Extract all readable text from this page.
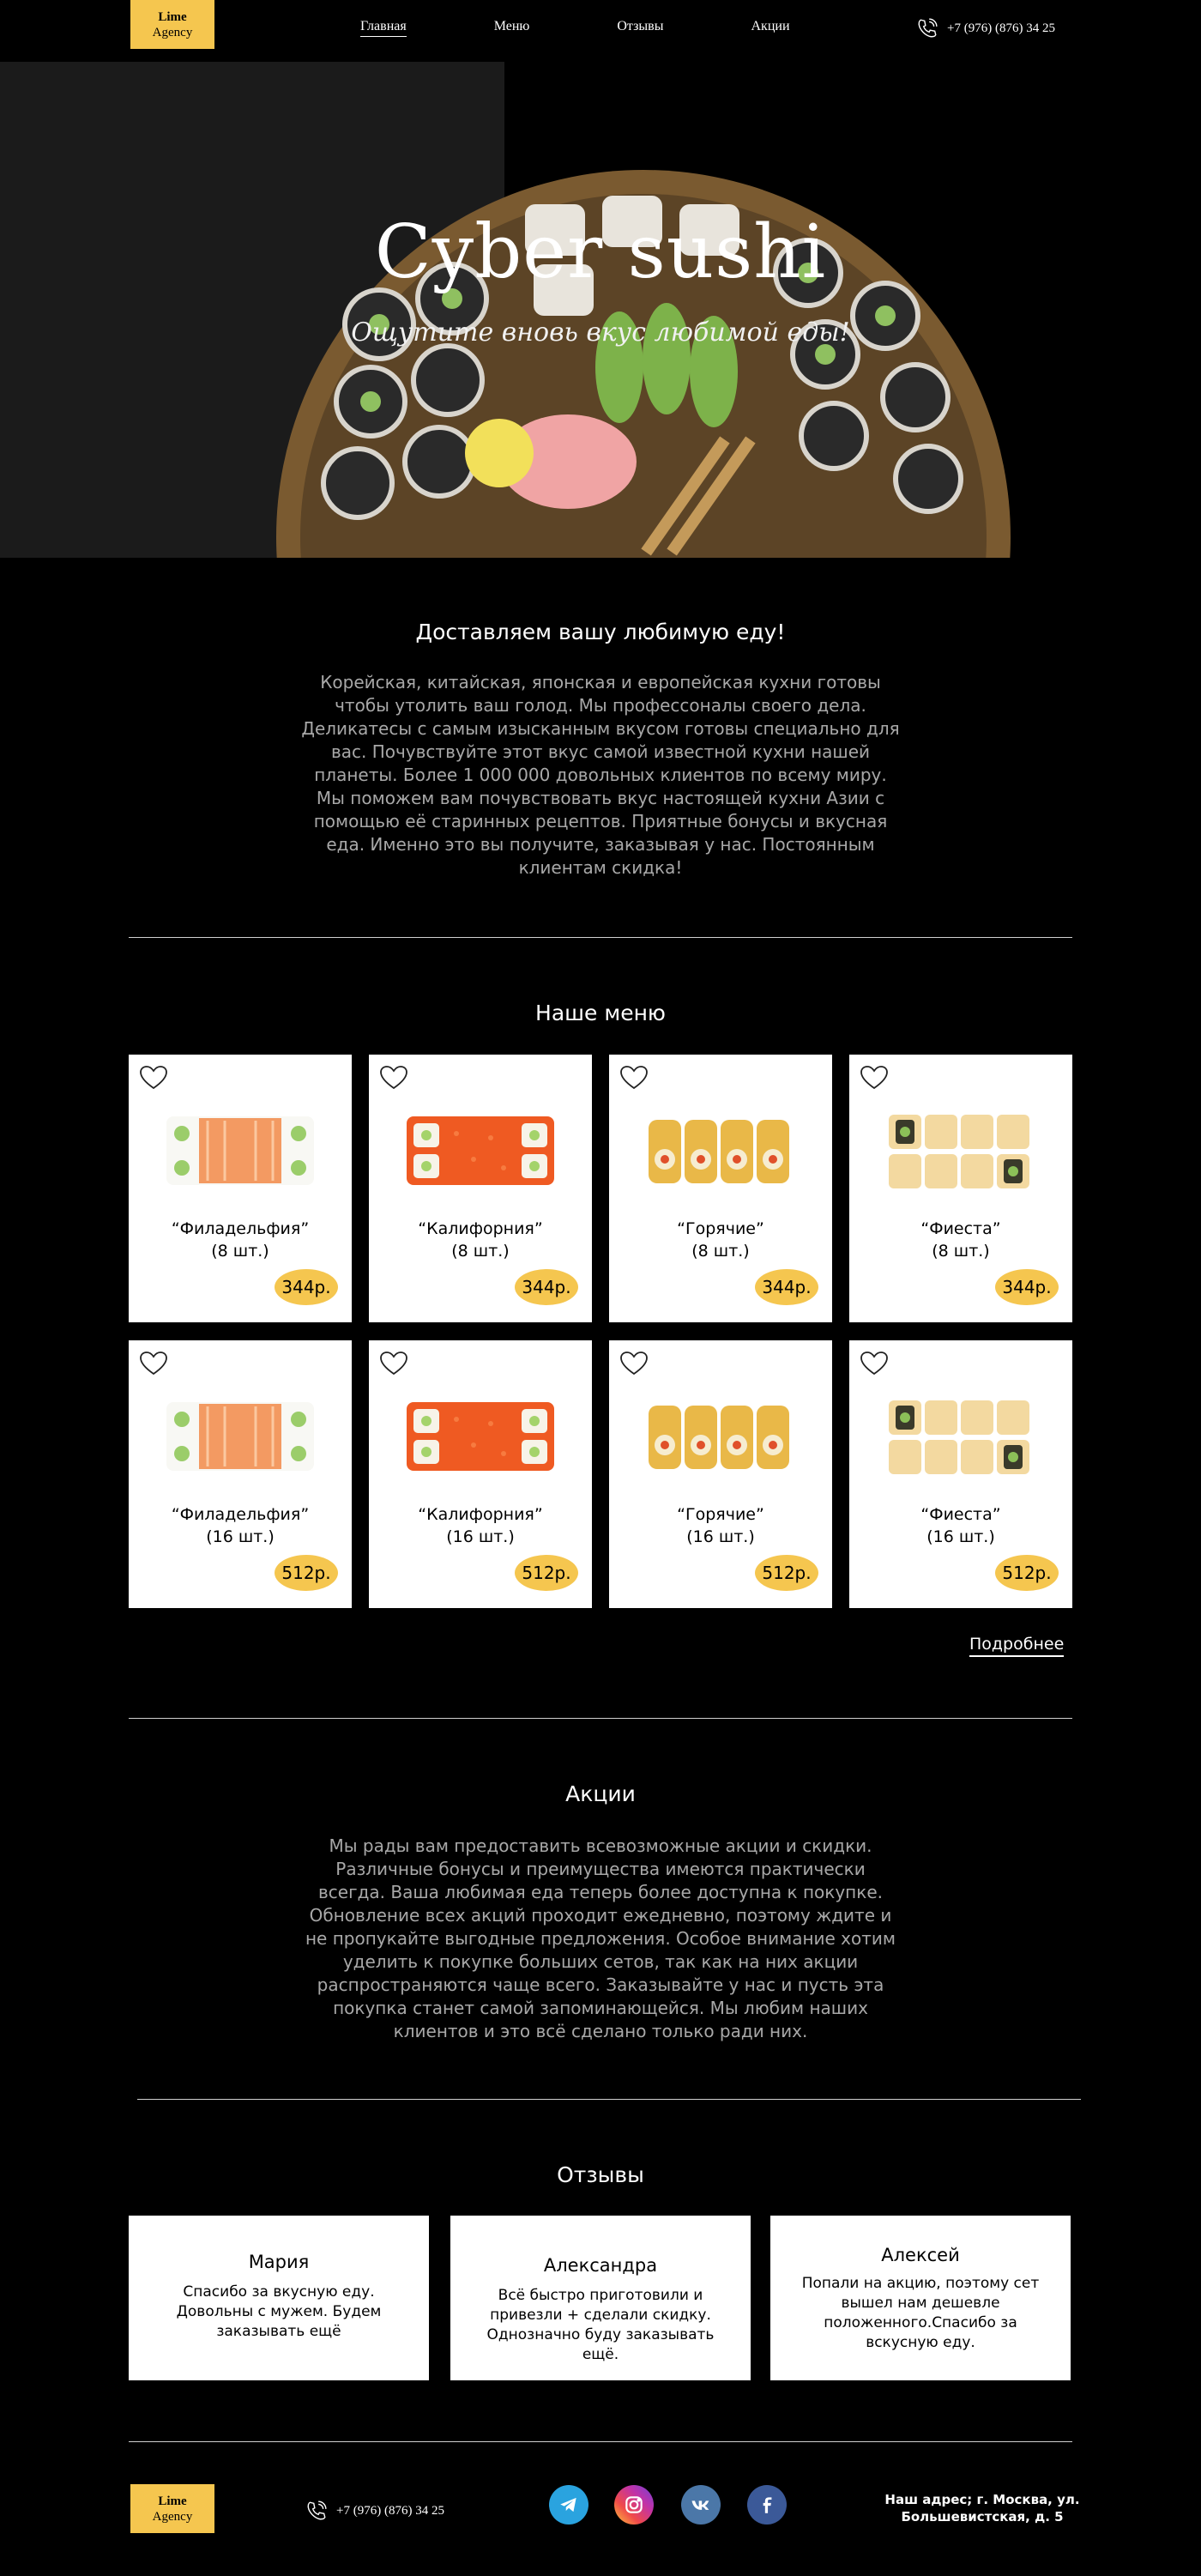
Lime
Agency	Главная	Меню	Отзывы	Акции	+7 (976) (876) 34 25
Cyber sushi
Ощутите вновь вкус любимой еды!
Доставляем вашу любимую еду!
Корейская, китайская, японская и европейская кухни готовы чтобы утолить ваш голод. Мы профессоналы своего дела. Деликатесы с самым изысканным вкусом готовы специально для вас. Почувствуйте этот вкус самой известной кухни нашей планеты. Более 1 000 000 довольных клиентов по всему миру. Мы поможем вам почувствовать вкус настоящей кухни Азии с помощью её старинных рецептов. Приятные бонусы и вкусная еда. Именно это вы получите, заказывая у нас. Постоянным клиентам скидка!
Наше меню
“Филадельфия”
(8 шт.)
344р.
“Калифорния”
(8 шт.)
344р.
“Горячие”
(8 шт.)
344р.
“Фиеста”
(8 шт.)
344р.
“Филадельфия”
(16 шт.)
512р.
“Калифорния”
(16 шт.)
512р.
“Горячие”
(16 шт.)
512р.
“Фиеста”
(16 шт.)
512р.
Подробнее
Акции
Мы рады вам предоставить всевозможные акции и скидки. Различные бонусы и преимущества имеются практически всегда. Ваша любимая еда теперь более доступна к покупке. Обновление всех акций проходит ежедневно, поэтому ждите и не пропукайте выгодные предложения. Особое внимание хотим уделить к покупке больших сетов, так как на них акции распространяются чаще всего. Заказывайте у нас и пусть эта покупка станет самой запоминающейся. Мы любим наших клиентов и это всё сделано только ради них.
Отзывы
Мария
Спасибо за вкусную еду. Довольны с мужем. Будем заказывать ещё
Александра
Всё быстро приготовили и привезли + сделали скидку. Однозначно буду заказывать ещё.
Алексей
Попали на акцию, поэтому сет вышел нам дешевле положенного.Спасибо за вскусную еду.
Lime
Agency	+7 (976) (876) 34 25
Наш адрес; г. Москва, ул. Большевистская, д. 5
